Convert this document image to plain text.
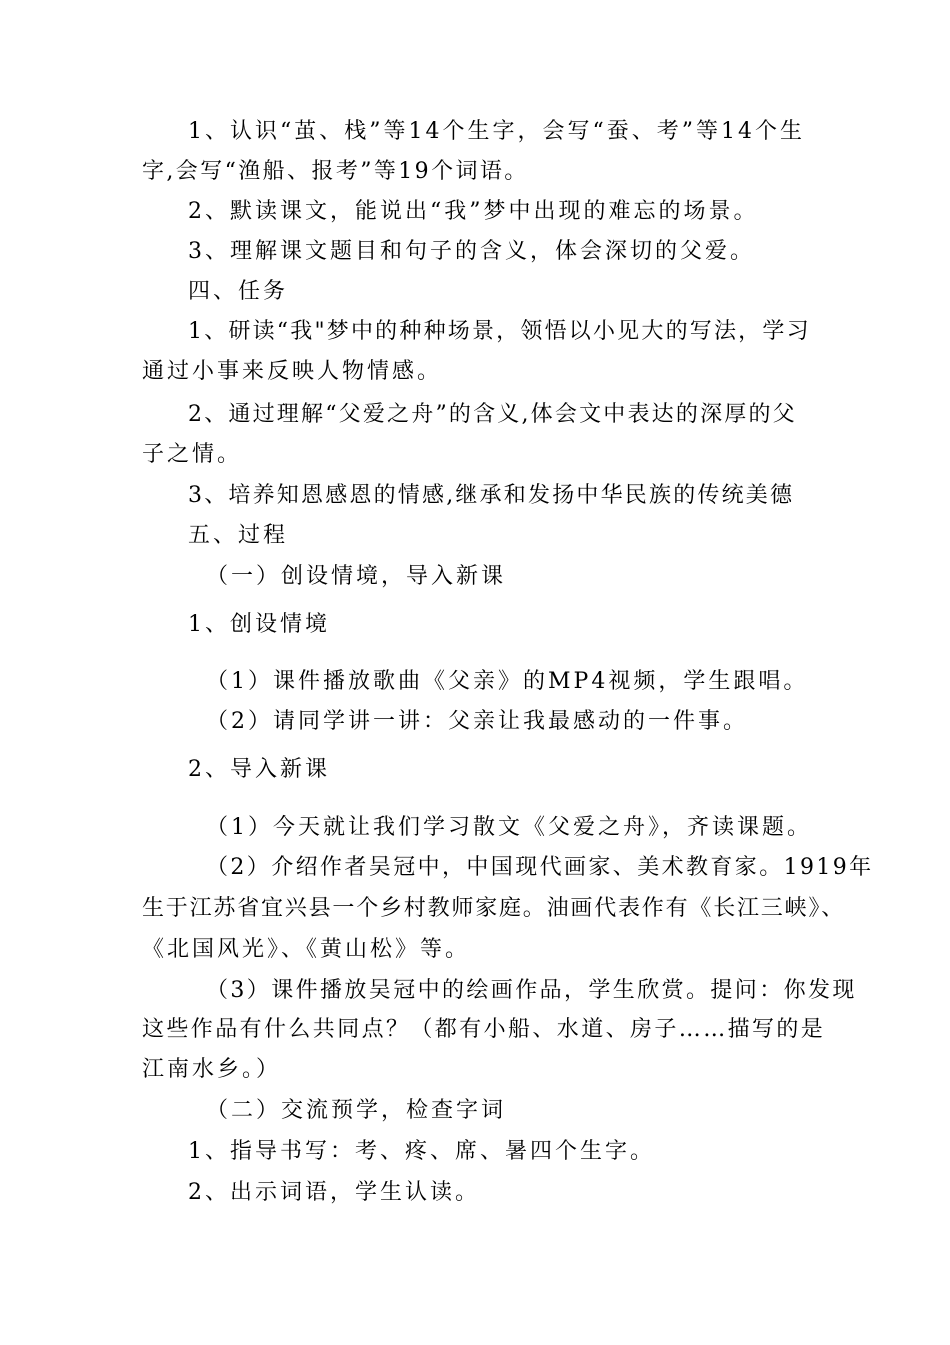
1、认识“茧、栈”等14个生字，会写“蚕、考”等14个生
字,会写“渔船、报考”等19个词语。
2、默读课文，能说出“我”梦中出现的难忘的场景。
3、理解课文题目和句子的含义，体会深切的父爱。
四、任务
1、研读“我"梦中的种种场景，领悟以小见大的写法，学习
通过小事来反映人物情感。
2、通过理解“父爱之舟”的含义,体会文中表达的深厚的父
子之情。
3、培养知恩感恩的情感,继承和发扬中华民族的传统美德
五、过程
（一）创设情境，导入新课
1、创设情境
（1）课件播放歌曲《父亲》的MP4视频，学生跟唱。
（2）请同学讲一讲：父亲让我最感动的一件事。
2、导入新课
（1）今天就让我们学习散文《父爱之舟》，齐读课题。
（2）介绍作者吴冠中，中国现代画家、美术教育家。1919年
生于江苏省宜兴县一个乡村教师家庭。油画代表作有《长江三峡》、
《北国风光》、《黄山松》等。
（3）课件播放吴冠中的绘画作品，学生欣赏。提问：你发现
这些作品有什么共同点？（都有小船、水道、房子……描写的是
江南水乡。）
（二）交流预学，检查字词
1、指导书写：考、疼、席、暑四个生字。
2、出示词语，学生认读。
